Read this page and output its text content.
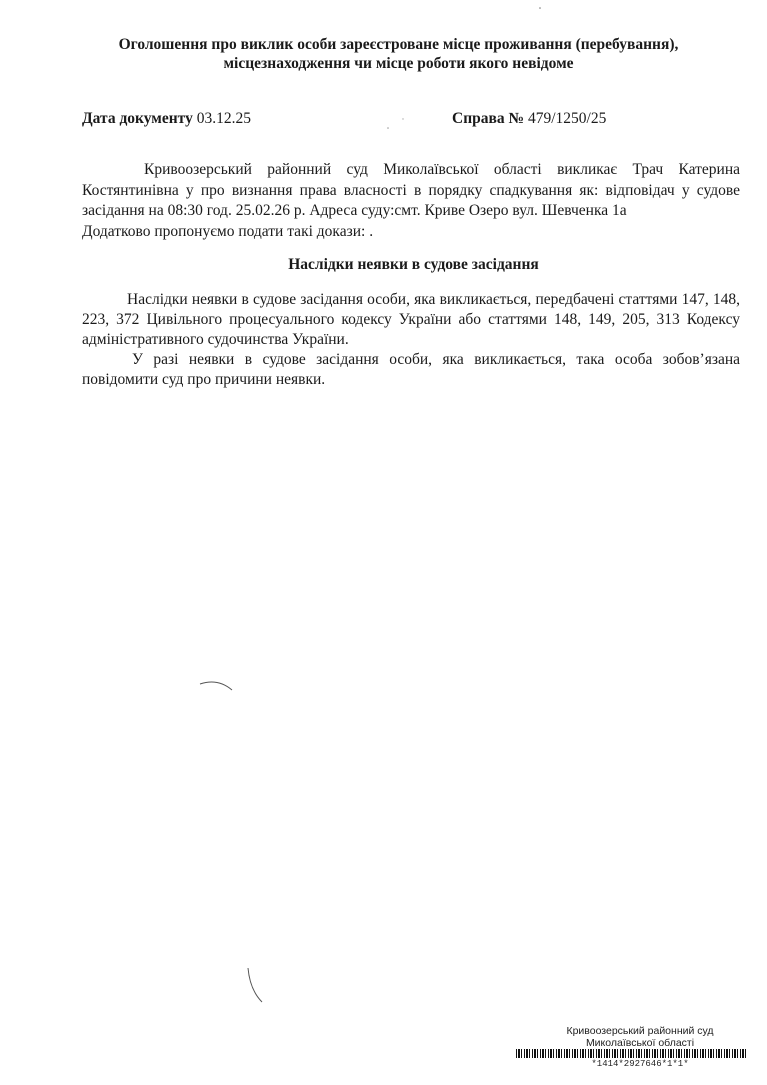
Оголошення про виклик особи зареєстроване місце проживання (перебування),
місцезнаходження чи місце роботи якого невідоме
Дата документу 03.12.25	Справа № 479/1250/25
Кривоозерський районний суд Миколаївської області викликає Трач Катерина Костянтинівна у про визнання права власності в порядку спадкування як: відповідач у судове засідання на 08:30 год. 25.02.26 р. Адреса суду:смт. Криве Озеро вул. Шевченка 1а
Додатково пропонуємо подати такі докази: .
Наслідки неявки в судове засідання
Наслідки неявки в судове засідання особи, яка викликається, передбачені статтями 147, 148, 223, 372 Цивільного процесуального кодексу України або статтями 148, 149, 205, 313 Кодексу адміністративного судочинства України.
У разі неявки в судове засідання особи, яка викликається, така особа зобов’язана повідомити суд про причини неявки.
Кривоозерський районний суд
Миколаївської області
*1414*2927646*1*1*
